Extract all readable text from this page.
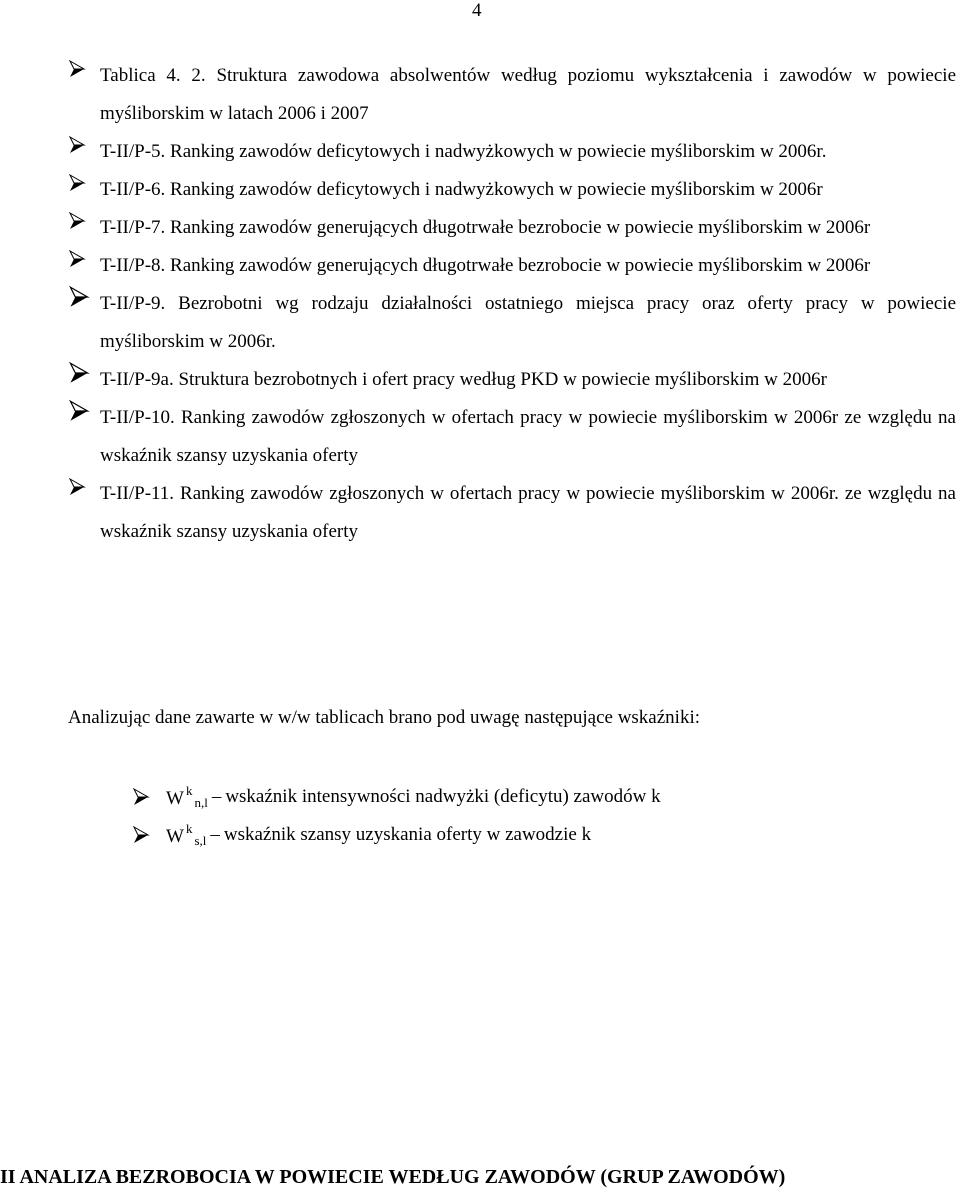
4
Tablica 4. 2. Struktura zawodowa absolwentów według poziomu wykształcenia i zawodów w powiecie myśliborskim w latach 2006 i 2007
T-II/P-5. Ranking zawodów deficytowych i nadwyżkowych w powiecie myśliborskim w 2006r.
T-II/P-6. Ranking zawodów deficytowych i nadwyżkowych w powiecie myśliborskim w 2006r
T-II/P-7. Ranking zawodów generujących długotrwałe bezrobocie w powiecie myśliborskim w 2006r
T-II/P-8. Ranking zawodów generujących długotrwałe bezrobocie w powiecie myśliborskim w 2006r
T-II/P-9. Bezrobotni wg rodzaju działalności ostatniego miejsca pracy oraz oferty pracy w powiecie myśliborskim w 2006r.
T-II/P-9a. Struktura bezrobotnych i ofert pracy według PKD w powiecie myśliborskim w 2006r
T-II/P-10. Ranking zawodów zgłoszonych w ofertach pracy w powiecie myśliborskim w 2006r ze względu na wskaźnik szansy uzyskania oferty
T-II/P-11. Ranking zawodów zgłoszonych w ofertach pracy w powiecie myśliborskim w 2006r. ze względu na wskaźnik szansy uzyskania oferty

Analizując dane zawarte w w/w tablicach brano pod uwagę następujące wskaźniki:

W $^k_{n,l}$ – wskaźnik intensywności nadwyżki (deficytu) zawodów k
W $^k_{s,l}$ – wskaźnik szansy uzyskania oferty w zawodzie k
II ANALIZA BEZROBOCIA W POWIECIE WEDŁUG ZAWODÓW (GRUP ZAWODÓW)
